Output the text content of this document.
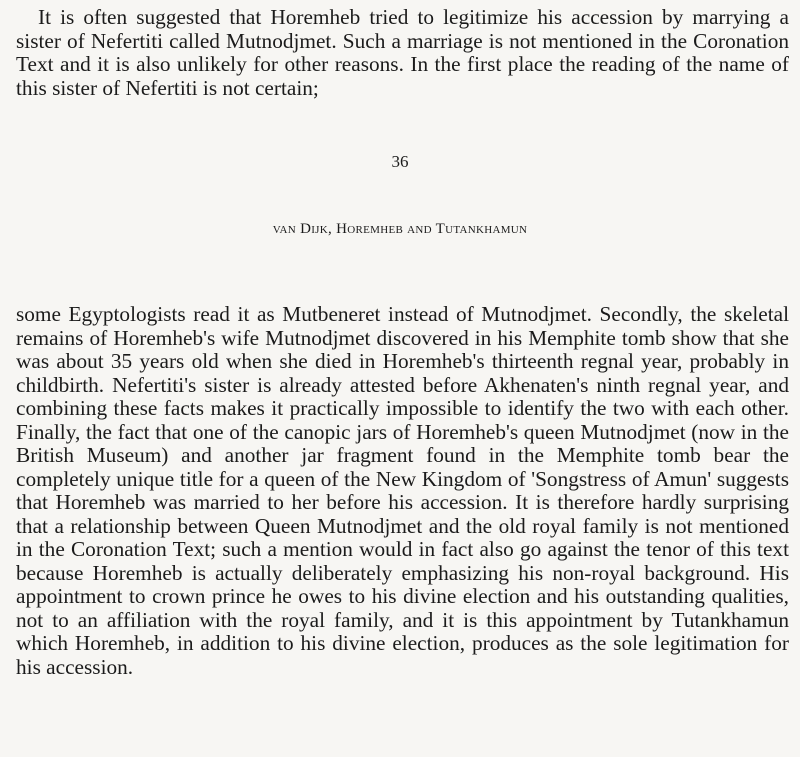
It is often suggested that Horemheb tried to legitimize his accession by marrying a sister of Nefertiti called Mutnodjmet. Such a marriage is not mentioned in the Coronation Text and it is also unlikely for other reasons. In the first place the reading of the name of this sister of Nefertiti is not certain;

36
van Dijk, Horemheb and Tutankhamun

some Egyptologists read it as Mutbeneret instead of Mutnodjmet. Secondly, the skeletal remains of Horemheb's wife Mutnodjmet discovered in his Memphite tomb show that she was about 35 years old when she died in Horemheb's thirteenth regnal year, probably in childbirth. Nefertiti's sister is already attested before Akhenaten's ninth regnal year, and combining these facts makes it practically impossible to identify the two with each other. Finally, the fact that one of the canopic jars of Horemheb's queen Mutnodjmet (now in the British Museum) and another jar fragment found in the Memphite tomb bear the completely unique title for a queen of the New Kingdom of 'Songstress of Amun' suggests that Horemheb was married to her before his accession. It is therefore hardly surprising that a relationship between Queen Mutnodjmet and the old royal family is not mentioned in the Coronation Text; such a mention would in fact also go against the tenor of this text because Horemheb is actually deliberately emphasizing his non-royal background. His appointment to crown prince he owes to his divine election and his outstanding qualities, not to an affiliation with the royal family, and it is this appointment by Tutankhamun which Horemheb, in addition to his divine election, produces as the sole legitimation for his accession.
